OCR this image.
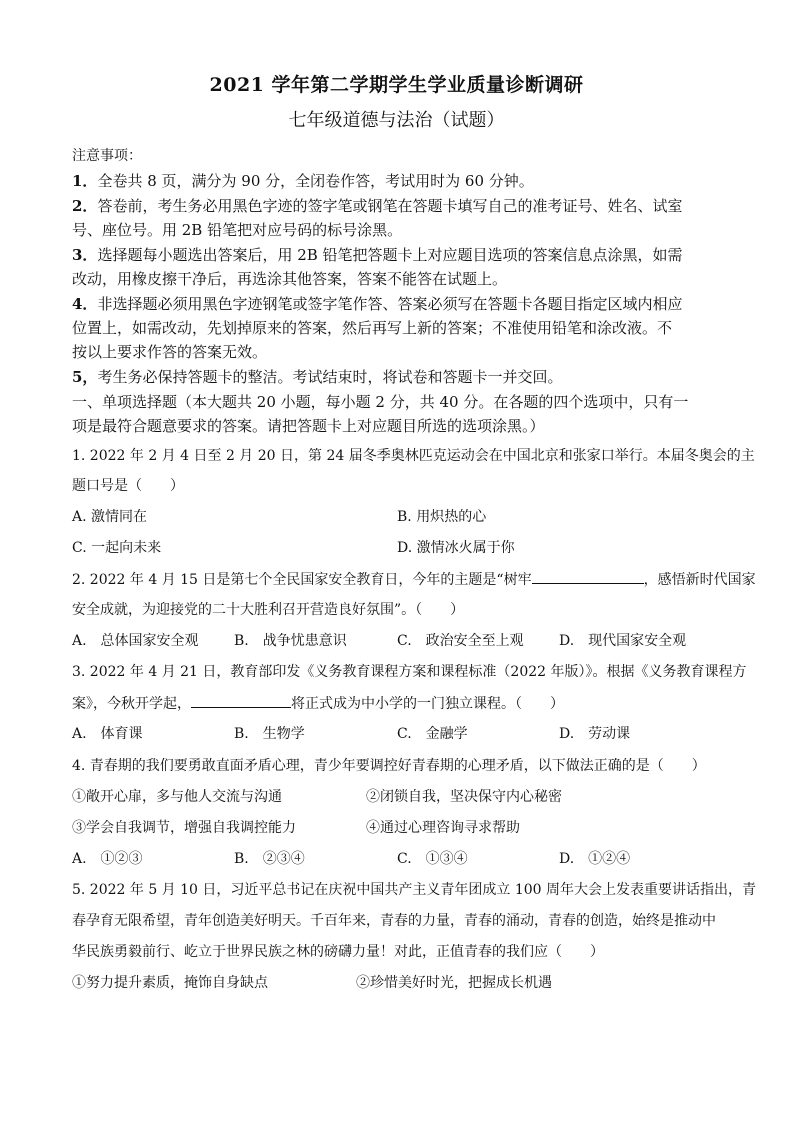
2021 学年第二学期学生学业质量诊断调研
七年级道德与法治（试题）
注意事项：
1．全卷共 8 页，满分为 90 分，全闭卷作答，考试用时为 60 分钟。
2．答卷前，考生务必用黑色字迹的签字笔或钢笔在答题卡填写自己的准考证号、姓名、试室
号、座位号。用 2B 铅笔把对应号码的标号涂黑。
3．选择题每小题选出答案后，用 2B 铅笔把答题卡上对应题目选项的答案信息点涂黑，如需
改动，用橡皮擦干净后，再选涂其他答案，答案不能答在试题上。
4．非选择题必须用黑色字迹钢笔或签字笔作答、答案必须写在答题卡各题目指定区域内相应
位置上，如需改动，先划掉原来的答案，然后再写上新的答案；不准使用铅笔和涂改液。不
按以上要求作答的答案无效。
5，考生务必保持答题卡的整洁。考试结束时，将试卷和答题卡一并交回。
一、单项选择题（本大题共 20 小题，每小题 2 分，共 40 分。在各题的四个选项中，只有一
项是最符合题意要求的答案。请把答题卡上对应题目所选的选项涂黑。）
1. 2022 年 2 月 4 日至 2 月 20 日，第 24 届冬季奥林匹克运动会在中国北京和张家口举行。本届冬奥会的主
题口号是（　　）
A. 激情同在	B. 用炽热的心
C. 一起向未来	D. 激情冰火属于你
2. 2022 年 4 月 15 日是第七个全民国家安全教育日，今年的主题是“树牢	，感悟新时代国家
安全成就，为迎接党的二十大胜利召开营造良好氛围”。（　　）
A.　总体国家安全观	B.　战争忧患意识	C.　政治安全至上观	D.　现代国家安全观
3. 2022 年 4 月 21 日，教育部印发《义务教育课程方案和课程标准（2022 年版）》。根据《义务教育课程方
案》，今秋开学起，	将正式成为中小学的一门独立课程。（　　）
A.　体育课	B.　生物学	C.　金融学	D.　劳动课
4. 青春期的我们要勇敢直面矛盾心理，青少年要调控好青春期的心理矛盾，以下做法正确的是（　　）
①敞开心扉，多与他人交流与沟通	②闭锁自我，坚决保守内心秘密
③学会自我调节，增强自我调控能力	④通过心理咨询寻求帮助
A.　①②③	B.　②③④	C.　①③④	D.　①②④
5. 2022 年 5 月 10 日，习近平总书记在庆祝中国共产主义青年团成立 100 周年大会上发表重要讲话指出，青
春孕育无限希望，青年创造美好明天。千百年来，青春的力量，青春的涌动，青春的创造，始终是推动中
华民族勇毅前行、屹立于世界民族之林的磅礴力量！对此，正值青春的我们应（　　）
①努力提升素质，掩饰自身缺点	②珍惜美好时光，把握成长机遇
